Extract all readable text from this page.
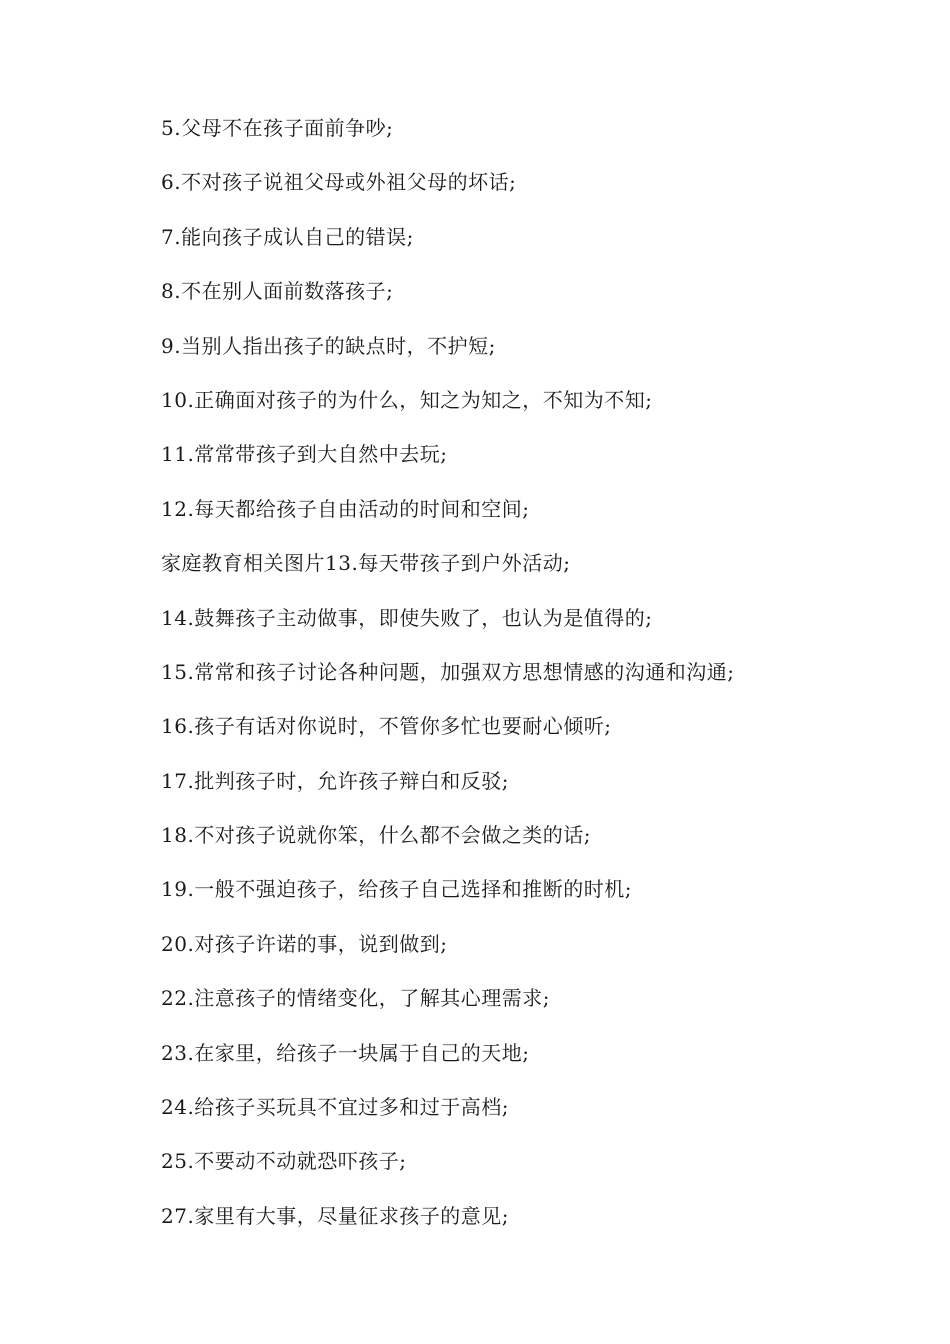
5.父母不在孩子面前争吵;
6.不对孩子说祖父母或外祖父母的坏话;
7.能向孩子成认自己的错误;
8.不在别人面前数落孩子;
9.当别人指出孩子的缺点时，不护短;
10.正确面对孩子的为什么，知之为知之，不知为不知;
11.常常带孩子到大自然中去玩;
12.每天都给孩子自由活动的时间和空间;
家庭教育相关图片13.每天带孩子到户外活动;
14.鼓舞孩子主动做事，即使失败了，也认为是值得的;
15.常常和孩子讨论各种问题，加强双方思想情感的沟通和沟通;
16.孩子有话对你说时，不管你多忙也要耐心倾听;
17.批判孩子时，允许孩子辩白和反驳;
18.不对孩子说就你笨，什么都不会做之类的话;
19.一般不强迫孩子，给孩子自己选择和推断的时机;
20.对孩子许诺的事，说到做到;
22.注意孩子的情绪变化，了解其心理需求;
23.在家里，给孩子一块属于自己的天地;
24.给孩子买玩具不宜过多和过于高档;
25.不要动不动就恐吓孩子;
27.家里有大事，尽量征求孩子的意见;
